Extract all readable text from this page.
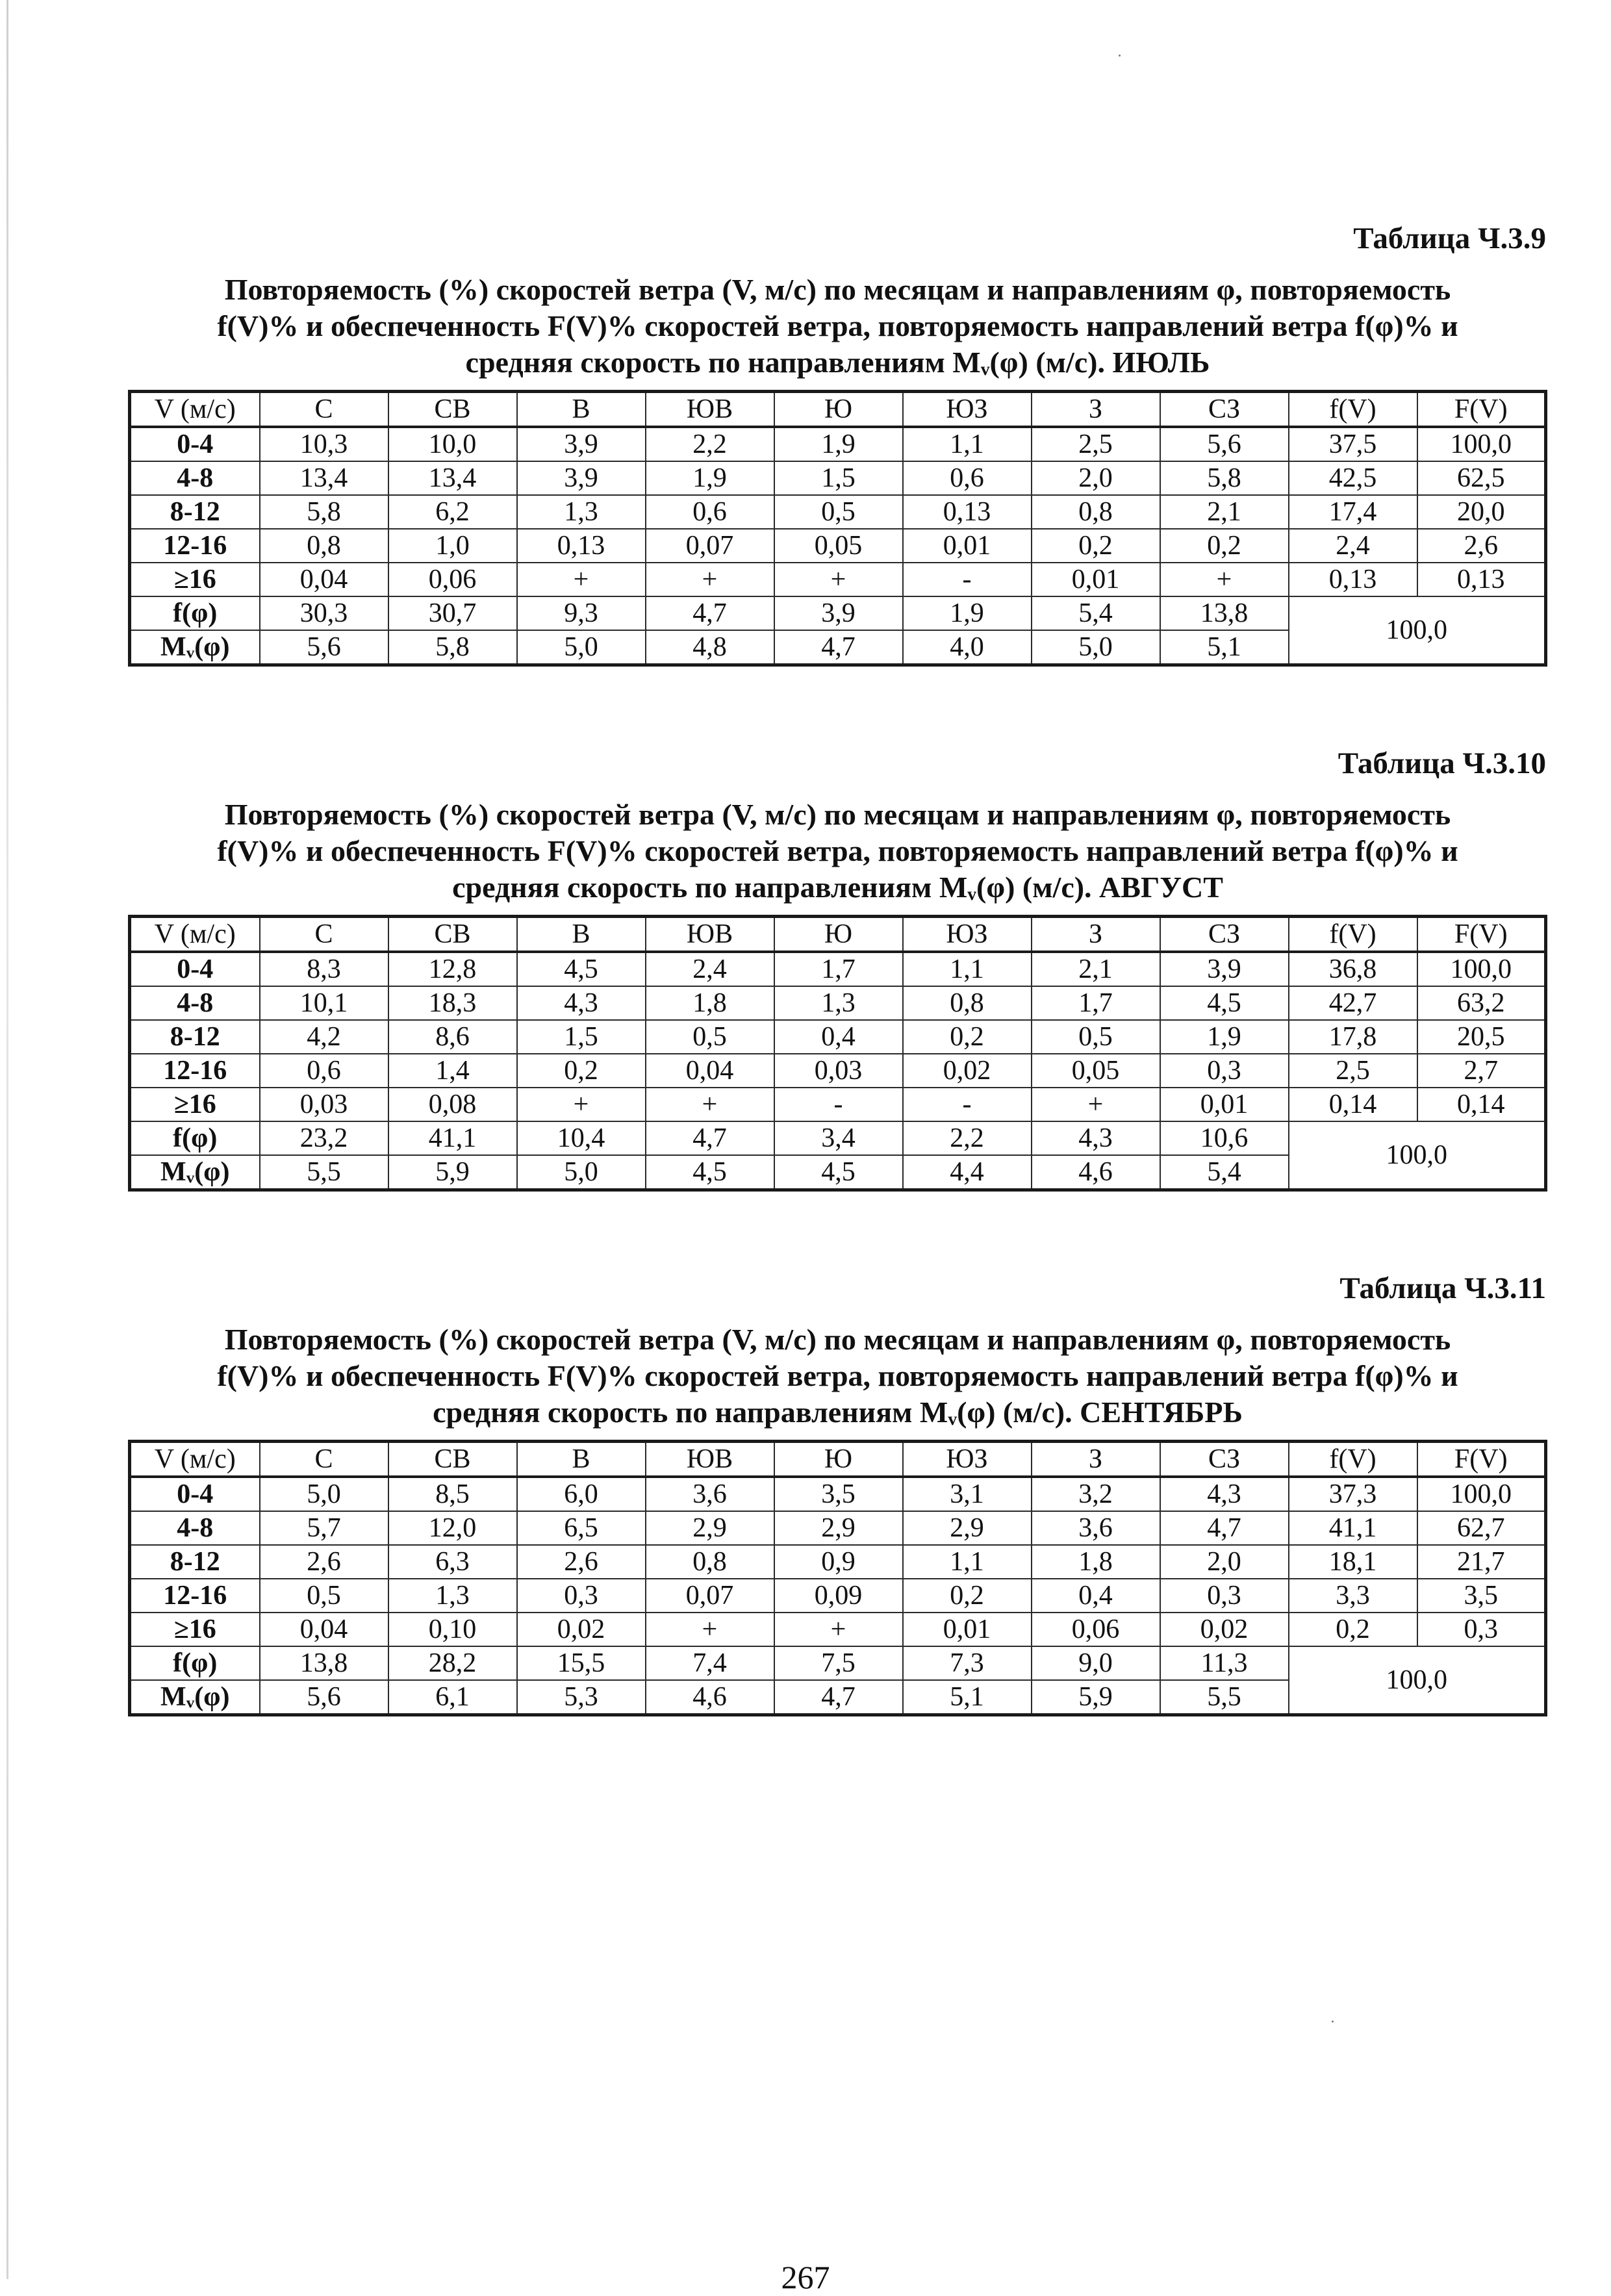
Таблица Ч.3.9
Повторяемость (%) скоростей ветра (V, м/с) по месяцам и направлениям φ, повторяемость
f(V)% и обеспеченность F(V)% скоростей ветра, повторяемость направлений ветра f(φ)% и
средняя скорость по направлениям Mᵥ(φ) (м/с). ИЮЛЬ
V (м/с)	С	СВ	В	ЮВ	Ю	ЮЗ	З	СЗ	f(V)	F(V)
0-4	10,3	10,0	3,9	2,2	1,9	1,1	2,5	5,6	37,5	100,0
4-8	13,4	13,4	3,9	1,9	1,5	0,6	2,0	5,8	42,5	62,5
8-12	5,8	6,2	1,3	0,6	0,5	0,13	0,8	2,1	17,4	20,0
12-16	0,8	1,0	0,13	0,07	0,05	0,01	0,2	0,2	2,4	2,6
≥16	0,04	0,06	+	+	+	-	0,01	+	0,13	0,13
f(φ)	30,3	30,7	9,3	4,7	3,9	1,9	5,4	13,8	100,0	
Mᵥ(φ)	5,6	5,8	5,0	4,8	4,7	4,0	5,0	5,1		
Таблица Ч.3.10
Повторяемость (%) скоростей ветра (V, м/с) по месяцам и направлениям φ, повторяемость
f(V)% и обеспеченность F(V)% скоростей ветра, повторяемость направлений ветра f(φ)% и
средняя скорость по направлениям Mᵥ(φ) (м/с). АВГУСТ
V (м/с)	С	СВ	В	ЮВ	Ю	ЮЗ	З	СЗ	f(V)	F(V)
0-4	8,3	12,8	4,5	2,4	1,7	1,1	2,1	3,9	36,8	100,0
4-8	10,1	18,3	4,3	1,8	1,3	0,8	1,7	4,5	42,7	63,2
8-12	4,2	8,6	1,5	0,5	0,4	0,2	0,5	1,9	17,8	20,5
12-16	0,6	1,4	0,2	0,04	0,03	0,02	0,05	0,3	2,5	2,7
≥16	0,03	0,08	+	+	-	-	+	0,01	0,14	0,14
f(φ)	23,2	41,1	10,4	4,7	3,4	2,2	4,3	10,6	100,0	
Mᵥ(φ)	5,5	5,9	5,0	4,5	4,5	4,4	4,6	5,4		
Таблица Ч.3.11
Повторяемость (%) скоростей ветра (V, м/с) по месяцам и направлениям φ, повторяемость
f(V)% и обеспеченность F(V)% скоростей ветра, повторяемость направлений ветра f(φ)% и
средняя скорость по направлениям Mᵥ(φ) (м/с). СЕНТЯБРЬ
V (м/с)	С	СВ	В	ЮВ	Ю	ЮЗ	З	СЗ	f(V)	F(V)
0-4	5,0	8,5	6,0	3,6	3,5	3,1	3,2	4,3	37,3	100,0
4-8	5,7	12,0	6,5	2,9	2,9	2,9	3,6	4,7	41,1	62,7
8-12	2,6	6,3	2,6	0,8	0,9	1,1	1,8	2,0	18,1	21,7
12-16	0,5	1,3	0,3	0,07	0,09	0,2	0,4	0,3	3,3	3,5
≥16	0,04	0,10	0,02	+	+	0,01	0,06	0,02	0,2	0,3
f(φ)	13,8	28,2	15,5	7,4	7,5	7,3	9,0	11,3	100,0	
Mᵥ(φ)	5,6	6,1	5,3	4,6	4,7	5,1	5,9	5,5		
267
